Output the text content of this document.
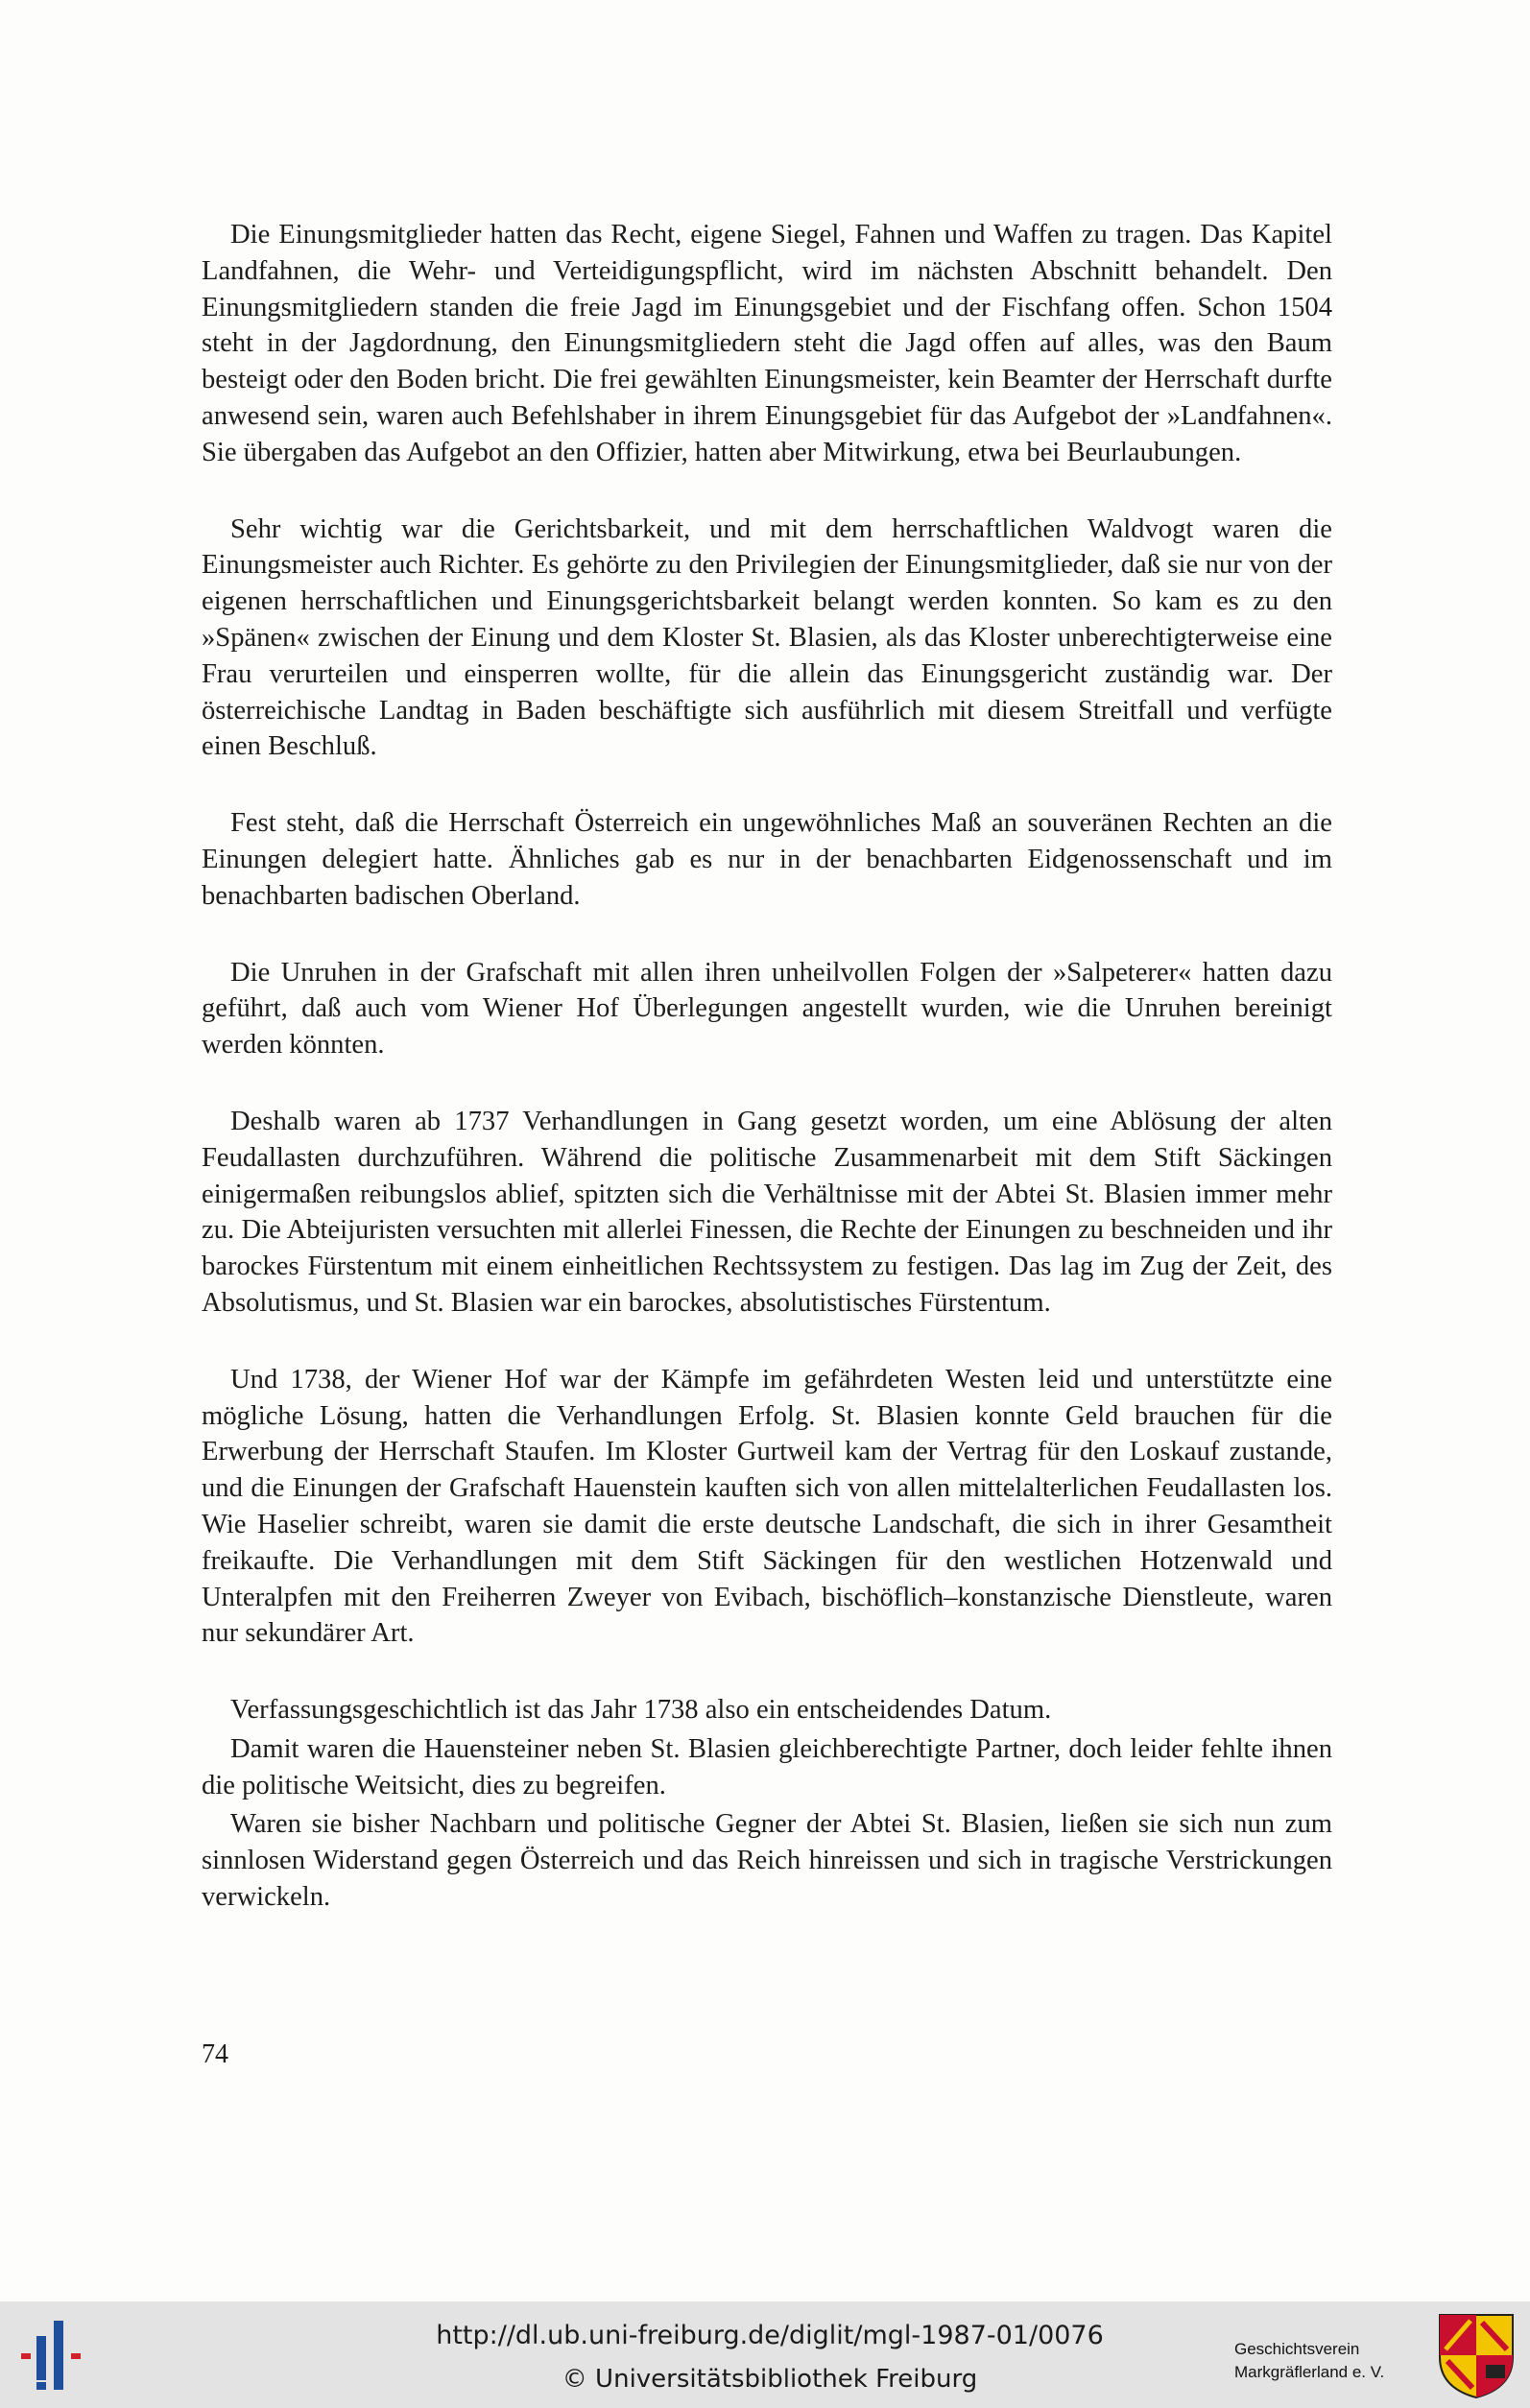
Die Einungsmitglieder hatten das Recht, eigene Siegel, Fahnen und Waffen zu tragen. Das Kapitel Landfahnen, die Wehr- und Verteidigungspflicht, wird im nächsten Abschnitt behandelt. Den Einungsmitgliedern standen die freie Jagd im Einungsgebiet und der Fischfang offen. Schon 1504 steht in der Jagdordnung, den Einungsmitgliedern steht die Jagd offen auf alles, was den Baum besteigt oder den Boden bricht. Die frei gewählten Einungsmeister, kein Beamter der Herrschaft durfte anwesend sein, waren auch Befehlshaber in ihrem Einungsgebiet für das Aufgebot der »Landfahnen«. Sie übergaben das Aufgebot an den Offizier, hatten aber Mitwirkung, etwa bei Beurlaubungen.

Sehr wichtig war die Gerichtsbarkeit, und mit dem herrschaftlichen Waldvogt waren die Einungsmeister auch Richter. Es gehörte zu den Privilegien der Einungsmitglieder, daß sie nur von der eigenen herrschaftlichen und Einungsgerichtsbarkeit belangt werden konnten. So kam es zu den »Spänen« zwischen der Einung und dem Kloster St. Blasien, als das Kloster unberechtigterweise eine Frau verurteilen und einsperren wollte, für die allein das Einungsgericht zuständig war. Der österreichische Landtag in Baden beschäftigte sich ausführlich mit diesem Streitfall und verfügte einen Beschluß.

Fest steht, daß die Herrschaft Österreich ein ungewöhnliches Maß an souveränen Rechten an die Einungen delegiert hatte. Ähnliches gab es nur in der benachbarten Eidgenossenschaft und im benachbarten badischen Oberland.

Die Unruhen in der Grafschaft mit allen ihren unheilvollen Folgen der »Salpeterer« hatten dazu geführt, daß auch vom Wiener Hof Überlegungen angestellt wurden, wie die Unruhen bereinigt werden könnten.

Deshalb waren ab 1737 Verhandlungen in Gang gesetzt worden, um eine Ablösung der alten Feudallasten durchzuführen. Während die politische Zusammenarbeit mit dem Stift Säckingen einigermaßen reibungslos ablief, spitzten sich die Verhältnisse mit der Abtei St. Blasien immer mehr zu. Die Abteijuristen versuchten mit allerlei Finessen, die Rechte der Einungen zu beschneiden und ihr barockes Fürstentum mit einem einheitlichen Rechtssystem zu festigen. Das lag im Zug der Zeit, des Absolutismus, und St. Blasien war ein barockes, absolutistisches Fürstentum.

Und 1738, der Wiener Hof war der Kämpfe im gefährdeten Westen leid und unterstützte eine mögliche Lösung, hatten die Verhandlungen Erfolg. St. Blasien konnte Geld brauchen für die Erwerbung der Herrschaft Staufen. Im Kloster Gurtweil kam der Vertrag für den Loskauf zustande, und die Einungen der Grafschaft Hauenstein kauften sich von allen mittelalterlichen Feudallasten los. Wie Haselier schreibt, waren sie damit die erste deutsche Landschaft, die sich in ihrer Gesamtheit freikaufte. Die Verhandlungen mit dem Stift Säckingen für den westlichen Hotzenwald und Unteralpfen mit den Freiherren Zweyer von Evibach, bischöflich–konstanzische Dienstleute, waren nur sekundärer Art.

Verfassungsgeschichtlich ist das Jahr 1738 also ein entscheidendes Datum.

Damit waren die Hauensteiner neben St. Blasien gleichberechtigte Partner, doch leider fehlte ihnen die politische Weitsicht, dies zu begreifen.

Waren sie bisher Nachbarn und politische Gegner der Abtei St. Blasien, ließen sie sich nun zum sinnlosen Widerstand gegen Österreich und das Reich hinreissen und sich in tragische Verstrickungen verwickeln.

74
http://dl.ub.uni-freiburg.de/diglit/mgl-1987-01/0076
© Universitätsbibliothek Freiburg
Geschichtsverein
Markgräflerland e. V.
